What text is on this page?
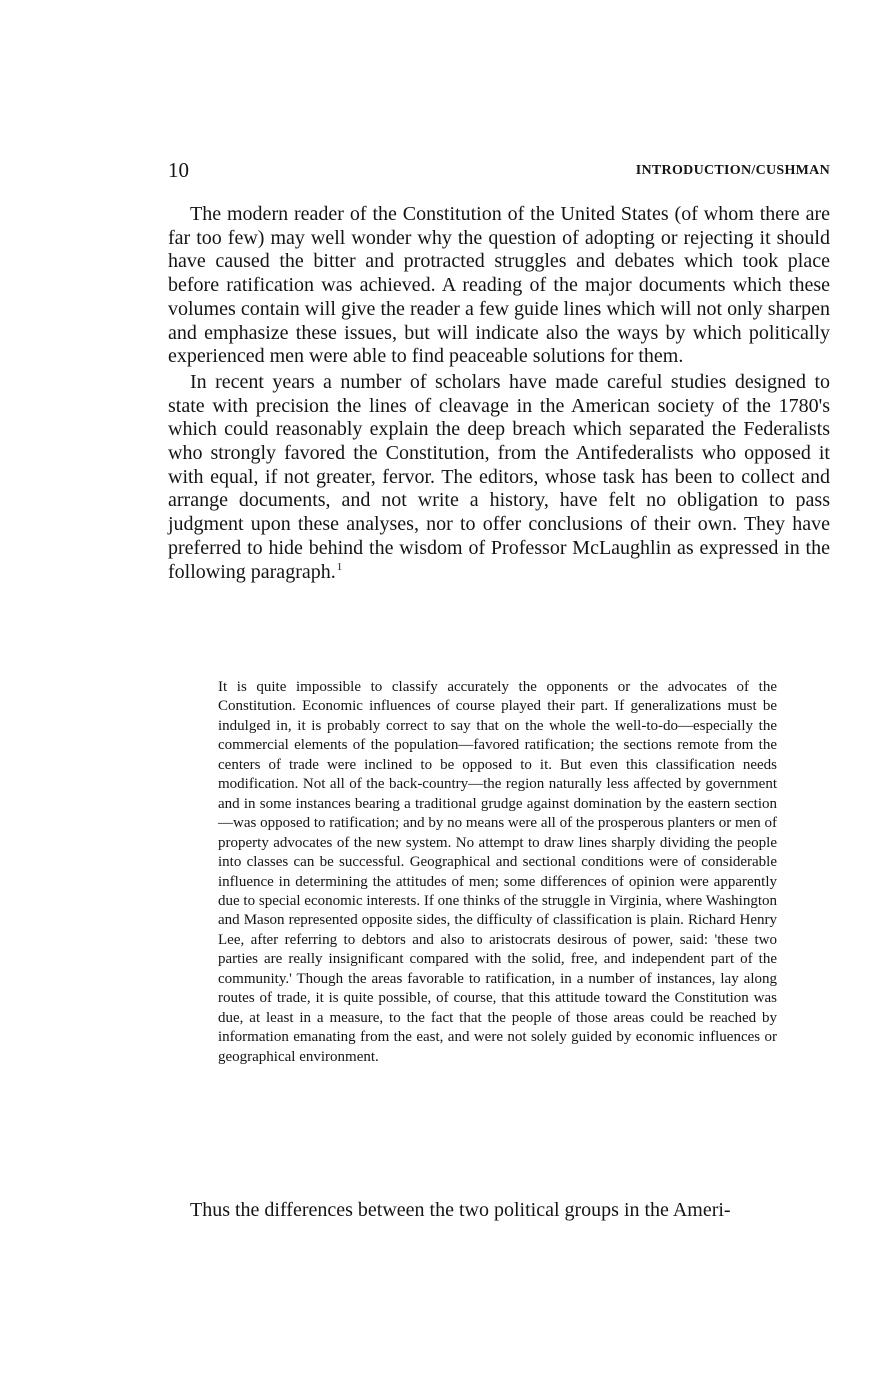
10	INTRODUCTION/CUSHMAN

The modern reader of the Constitution of the United States (of whom there are far too few) may well wonder why the question of adopting or rejecting it should have caused the bitter and protracted struggles and debates which took place before ratification was achieved. A reading of the major documents which these volumes contain will give the reader a few guide lines which will not only sharpen and emphasize these issues, but will indicate also the ways by which politically experienced men were able to find peaceable solutions for them.

In recent years a number of scholars have made careful studies designed to state with precision the lines of cleavage in the American society of the 1780's which could reasonably explain the deep breach which separated the Federalists who strongly favored the Constitution, from the Antifederalists who opposed it with equal, if not greater, fervor. The editors, whose task has been to collect and arrange documents, and not write a history, have felt no obligation to pass judgment upon these analyses, nor to offer conclusions of their own. They have preferred to hide behind the wisdom of Professor McLaughlin as expressed in the following paragraph.$^1$

It is quite impossible to classify accurately the opponents or the advocates of the Constitution. Economic influences of course played their part. If generalizations must be indulged in, it is probably correct to say that on the whole the well-to-do—especially the commercial elements of the population—favored ratification; the sections remote from the centers of trade were inclined to be opposed to it. But even this classification needs modification. Not all of the back-country—the region naturally less affected by government and in some instances bearing a traditional grudge against domination by the eastern section—was opposed to ratification; and by no means were all of the prosperous planters or men of property advocates of the new system. No attempt to draw lines sharply dividing the people into classes can be successful. Geographical and sectional conditions were of considerable influence in determining the attitudes of men; some differences of opinion were apparently due to special economic interests. If one thinks of the struggle in Virginia, where Washington and Mason represented opposite sides, the difficulty of classification is plain. Richard Henry Lee, after referring to debtors and also to aristocrats desirous of power, said: 'these two parties are really insignificant compared with the solid, free, and independent part of the community.' Though the areas favorable to ratification, in a number of instances, lay along routes of trade, it is quite possible, of course, that this attitude toward the Constitution was due, at least in a measure, to the fact that the people of those areas could be reached by information emanating from the east, and were not solely guided by economic influences or geographical environment.

Thus the differences between the two political groups in the Ameri-
